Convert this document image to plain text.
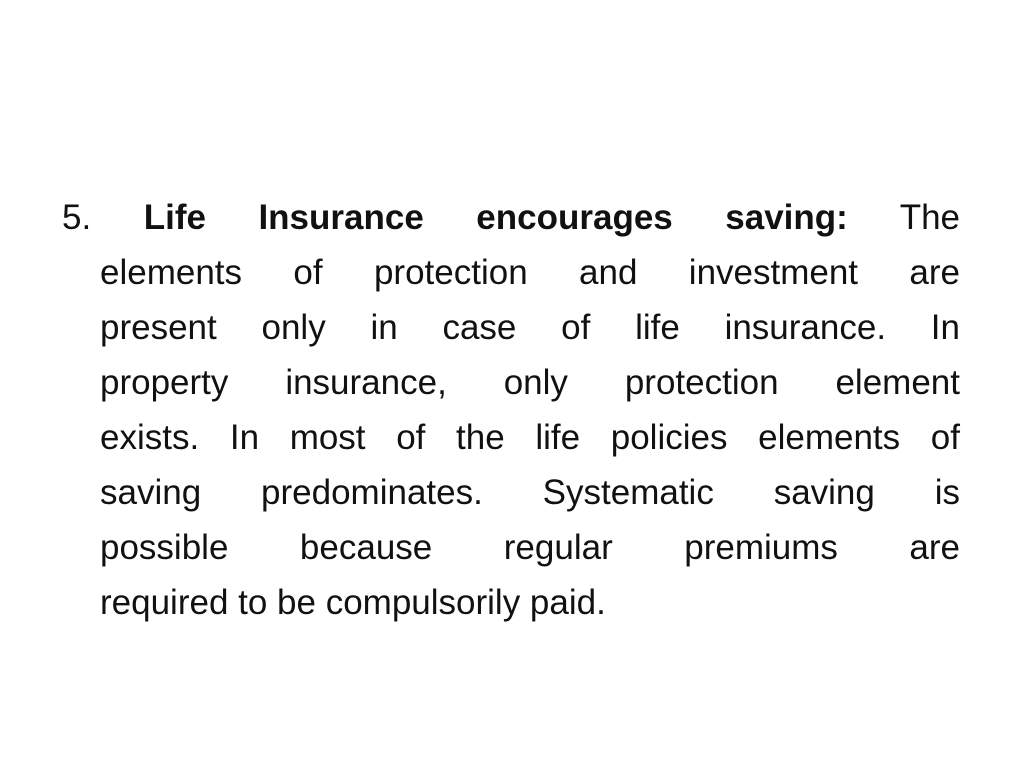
5. Life Insurance encourages saving: The
elements of protection and investment are
present only in case of life insurance. In
property insurance, only protection element
exists. In most of the life policies elements of
saving predominates. Systematic saving is
possible because regular premiums are
required to be compulsorily paid.
